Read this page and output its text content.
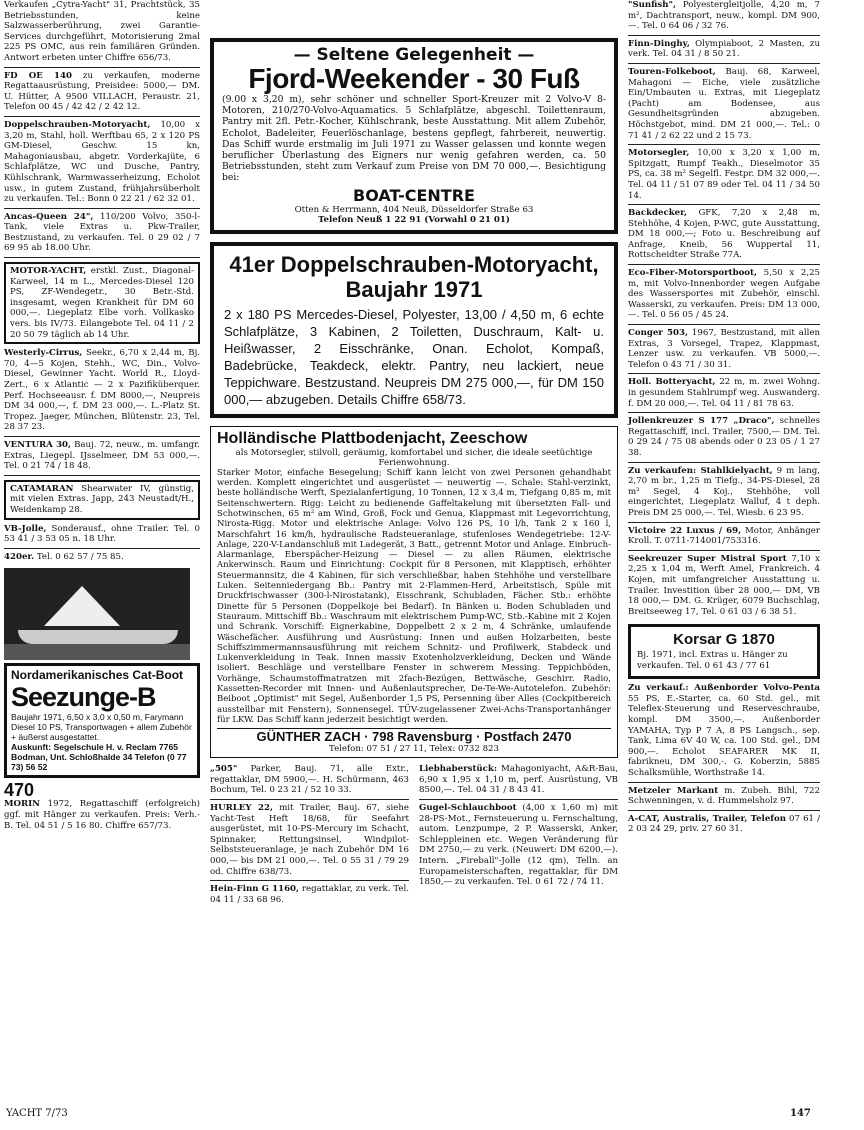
Verkaufen „Cytra-Yacht" 31, Prachtstück, 35 Betriebsstunden, keine Salzwasserberührung, zwei Garantie-Services durchgeführt, Motorisierung 2mal 225 PS OMC, aus rein familiären Gründen. Antwort erbeten unter Chiffre 656/73.
FD OE 140 zu verkaufen, moderne Regattaausrüstung, Preisidee: 5000,— DM. U. Hütter, A 9500 VILLACH, Peraustr. 21, Telefon 00 45 / 42 42 / 2 42 12.
Doppelschrauben-Motoryacht, 10,00 x 3,20 m, Stahl, holl. Werftbau 65, 2 x 120 PS GM-Diesel, Geschw. 15 kn, Mahagoniausbau, abgetr. Vorderkajüte, 6 Schlafplätze, WC und Dusche, Pantry, Kühlschrank, Warmwasserheizung, Echolot usw., in gutem Zustand, frühjahrsüberholt zu verkaufen. Tel.: Bonn 0 22 21 / 62 32 01.
Ancas-Queen 24", 110/200 Volvo, 350-l-Tank, viele Extras u. Pkw-Trailer, Bestzustand, zu verkaufen. Tel. 0 29 02 / 7 69 95 ab 18.00 Uhr.
MOTOR-YACHT, erstkl. Zust., Diagonal-Karweel, 14 m L., Mercedes-Diesel 120 PS, ZF-Wendegetr., 30 Betr.-Std. insgesamt, wegen Krankheit für DM 60 000,—. Liegeplatz Elbe vorh. Vollkasko vers. bis IV/73. Eilangebote Tel. 04 11 / 2 20 50 79 täglich ab 14 Uhr.
Westerly-Cirrus, Seekr., 6,70 x 2,44 m, Bj. 70, 4—5 Kojen, Stehh., WC, Din., Volvo-Diesel, Gewinner Yacht. World R., Lloyd-Zert., 6 x Atlantic — 2 x Pazifiküberquer. Perf. Hochseeausr. f. DM 8000,—, Neupreis DM 34 000,—, f. DM 23 000,—. L.-Platz St. Tropez. Jaeger, München, Blütenstr. 23, Tel. 28 37 23.
VENTURA 30, Bauj. 72, neuw., m. umfangr. Extras, Liegepl. IJsselmeer, DM 53 000,—. Tel. 0 21 74 / 18 48.
CATAMARAN Shearwater IV, günstig, mit vielen Extras. Japp, 243 Neustadt/H., Weidenkamp 28.
VB-Jolle, Sonderausf., ohne Trailer. Tel. 0 53 41 / 3 53 05 n. 18 Uhr.
420er. Tel. 0 62 57 / 75 85.
Nordamerikanisches Cat-Boot
Seezunge-B
Baujahr 1971, 6,50 x 3,0 x 0,50 m, Farymann Diesel 10 PS, Transportwagen + allem Zubehör + äußerst ausgestattet.
Auskunft: Segelschule H. v. Reclam 7765 Bodman, Unt. Schloßhalde 34 Telefon (0 77 73) 56 52
470
MORIN 1972, Regattaschiff (erfolgreich) ggf. mit Hänger zu verkaufen. Preis: Verh.-B. Tel. 04 51 / 5 16 80. Chiffre 657/73.
— Seltene Gelegenheit —
Fjord-Weekender - 30 Fuß
(9.00 x 3,20 m), sehr schöner und schneller Sport-Kreuzer mit 2 Volvo-V 8-Motoren, 210/270-Volvo-Aquamatics. 5 Schlafplätze, abgeschl. Toilettenraum, Pantry mit 2fl. Petr.-Kocher, Kühlschrank, beste Ausstattung. Mit allem Zubehör, Echolot, Badeleiter, Feuerlöschanlage, bestens gepflegt, fahrbereit, neuwertig. Das Schiff wurde erstmalig im Juli 1971 zu Wasser gelassen und konnte wegen beruflicher Überlastung des Eigners nur wenig gefahren werden, ca. 50 Betriebsstunden, steht zum Verkauf zum Preise von DM 70 000,—. Besichtigung bei:
BOAT-CENTRE
Otten & Herrmann, 404 Neuß, Düsseldorfer Straße 63
Telefon Neuß 1 22 91 (Vorwahl 0 21 01)
41er Doppelschrauben-Motoryacht, Baujahr 1971
2 x 180 PS Mercedes-Diesel, Polyester, 13,00 / 4,50 m, 6 echte Schlafplätze, 3 Kabinen, 2 Toiletten, Duschraum, Kalt- u. Heißwasser, 2 Eisschränke, Onan. Echolot, Kompaß, Badebrücke, Teakdeck, elektr. Pantry, neu lackiert, neue Teppichware. Bestzustand. Neupreis DM 275 000,—, für DM 150 000,— abzugeben. Details Chiffre 658/73.
Holländische Plattbodenjacht, Zeeschow
als Motorsegler, stilvoll, geräumig, komfortabel und sicher, die ideale seetüchtige Ferienwohnung.
Starker Motor, einfache Besegelung; Schiff kann leicht von zwei Personen gehandhabt werden. Komplett eingerichtet und ausgerüstet — neuwertig —. Schale: Stahl-verzinkt, beste holländische Werft, Spezialanfertigung, 10 Tonnen, 12 x 3,4 m, Tiefgang 0,85 m, mit Seitenschwertern. Rigg: Leicht zu bedienende Gaffeltakelung mit übersetzten Fall- und Schotwinschen, 65 m² am Wind, Groß, Fock und Genua, Klappmast mit Legevorrichtung, Nirosta-Rigg. Motor und elektrische Anlage: Volvo 126 PS, 10 l/h, Tank 2 x 160 l, Marschfahrt 16 km/h, hydraulische Radsteueranlage, stufenloses Wendegetriebe: 12-V-Anlage, 220-V-Landanschluß mit Ladegerät, 3 Batt., getrennt Motor und Anlage. Einbruch-Alarmanlage, Eberspächer-Heizung — Diesel — zu allen Räumen, elektrische Ankerwinsch. Raum und Einrichtung: Cockpit für 8 Personen, mit Klapptisch, erhöhter Steuermannsitz, die 4 Kabinen, für sich verschließbar, haben Stehhöhe und verstellbare Luken. Seitenniedergang Bb.: Pantry mit 2-Flammen-Herd, Arbeitstisch, Spüle mit Druckfrischwasser (300-l-Nirostatank), Eisschrank, Schubladen, Fächer. Stb.: erhöhte Dinette für 5 Personen (Doppelkoje bei Bedarf). In Bänken u. Boden Schubladen und Stauraum. Mittschiff Bb.: Waschraum mit elektrischem Pump-WC, Stb.-Kabine mit 2 Kojen und Schrank. Vorschiff: Eignerkabine, Doppelbett 2 x 2 m, 4 Schränke, umlaufende Wäschefächer. Ausführung und Ausrüstung: Innen und außen Holzarbeiten, beste Schiffszimmermannsausführung mit reichem Schnitz- und Profilwerk, Stabdeck und Lukenverkleidung in Teak. Innen massiv Exotenholzverkleidung, Decken und Wände isoliert. Beschläge und verstellbare Fenster in schwerem Messing. Teppichböden, Vorhänge, Schaumstoffmatratzen mit 2fach-Bezügen, Bettwäsche, Geschirr. Radio, Kassetten-Recorder mit Innen- und Außenlautsprecher, De-Te-We-Autotelefon. Zubehör: Beiboot „Optimist" mit Segel, Außenborder 1,5 PS, Persenning über Alles (Cockpitbereich ausstellbar mit Fenstern), Sonnensegel. TÜV-zugelassener Zwei-Achs-Transportanhänger für LKW. Das Schiff kann jederzeit besichtigt werden.
GÜNTHER ZACH · 798 Ravensburg · Postfach 2470
Telefon: 07 51 / 27 11, Telex: 0732 823
„505" Parker, Bauj. 71, alle Extr., regattaklar, DM 5900,—. H. Schürmann, 463 Bochum, Tel. 0 23 21 / 52 10 33.
HURLEY 22, mit Trailer, Bauj. 67, siehe Yacht-Test Heft 18/68, für Seefahrt ausgerüstet, mit 10-PS-Mercury im Schacht, Spinnaker, Rettungsinsel, Windpilot-Selbststeueranlage, je nach Zubehör DM 16 000,— bis DM 21 000,—. Tel. 0 55 31 / 79 29 od. Chiffre 638/73.
Hein-Finn G 1160, regattaklar, zu verk. Tel. 04 11 / 33 68 96.
Liebhaberstück: Mahagoniyacht, A&R-Bau, 6,90 x 1,95 x 1,10 m, perf. Ausrüstung, VB 8500,—. Tel. 04 31 / 8 43 41.
Gugel-Schlauchboot (4,00 x 1,60 m) mit 28-PS-Mot., Fernsteuerung u. Fernschaltung, autom. Lenzpumpe, 2 P. Wasserski, Anker, Schleppleinen etc. Wegen Veränderung für DM 2750,— zu verk. (Neuwert: DM 6200,—). Intern. „Fireball"-Jolle (12 qm), Telln. an Europameisterschaften, regattaklar, für DM 1850,— zu verkaufen. Tel. 0 61 72 / 74 11.
"Sunfish", Polyestergleitjolle, 4,20 m, 7 m², Dachtransport, neuw., kompl. DM 900,—. Tel. 0 64 06 / 32 76.
Finn-Dinghy, Olympiaboot, 2 Masten, zu verk. Tel. 04 31 / 8 50 21.
Touren-Folkeboot, Bauj. 68, Karweel, Mahagoni — Eiche, viele zusätzliche Ein/Umbauten u. Extras, mit Liegeplatz (Pacht) am Bodensee, aus Gesundheitsgründen abzugeben. Höchstgebot, mind. DM 21 000,—. Tel.: 0 71 41 / 2 62 22 und 2 15 73.
Motorsegler, 10,00 x 3,20 x 1,00 m, Spitzgatt, Rumpf Teakh., Dieselmotor 35 PS, ca. 38 m² Segelfl. Festpr. DM 32 000,—. Tel. 04 11 / 51 07 89 oder Tel. 04 11 / 34 50 14.
Backdecker, GFK, 7,20 x 2,48 m, Stehhöhe, 4 Kojen, P-WC, gute Ausstattung, DM 18 000,—; Foto u. Beschreibung auf Anfrage, Kneib, 56 Wuppertal 11, Rottscheidter Straße 77A.
Eco-Fiber-Motorsportboot, 5,50 x 2,25 m, mit Volvo-Innenborder wegen Aufgabe des Wassersportes mit Zubehör, einschl. Wasserski, zu verkaufen. Preis: DM 13 000,—. Tel. 0 56 05 / 45 24.
Conger 503, 1967, Bestzustand, mit allen Extras, 3 Vorsegel, Trapez, Klappmast, Lenzer usw. zu verkaufen. VB 5000,—. Telefon 0 43 71 / 30 31.
Holl. Botteryacht, 22 m, m. zwei Wohng. in gesundem Stahlrumpf weg. Auswanderg. f. DM 20 000,—. Tel. 04 11 / 81 78 63.
Jollenkreuzer S 177 „Draco", schnelles Regattaschiff, incl. Trailer, 7500,— DM. Tel. 0 29 24 / 75 08 abends oder 0 23 05 / 1 27 38.
Zu verkaufen: Stahlkielyacht, 9 m lang, 2,70 m br., 1,25 m Tiefg., 34-PS-Diesel, 28 m² Segel, 4 Koj., Stehhöhe, voll eingerichtet, Liegeplatz Walluf, 4 t deph. Preis DM 25 000,—. Tel. Wiesb. 6 23 95.
Victoire 22 Luxus / 69, Motor, Anhänger Kroll. T. 0711-714001/753316.
Seekreuzer Super Mistral Sport 7,10 x 2,25 x 1,04 m, Werft Amel, Frankreich. 4 Kojen, mit umfangreicher Ausstattung u. Trailer. Investition über 28 000,— DM, VB 18 000,— DM. G. Krüger, 6079 Buchschlag, Breitseeweg 17, Tel. 0 61 03 / 6 38 51.
Korsar G 1870
Bj. 1971, incl. Extras u. Hänger zu verkaufen. Tel. 0 61 43 / 77 61
Zu verkauf.: Außenborder Volvo-Penta 55 PS, E.-Starter, ca. 60 Std. gel., mit Teleflex-Steuerung und Reserveschraube, kompl. DM 3500,—. Außenborder YAMAHA, Typ P 7 A, 8 PS Langsch., sep. Tank, Lima 6V 40 W, ca. 100 Std. gel., DM 900,—. Echolot SEAFARER MK II, fabrikneu, DM 300,-. G. Koberzin, 5885 Schalksmühle, Worthstraße 14.
Metzeler Markant m. Zubeh. Bihl, 722 Schwenningen, v. d. Hummelsholz 97.
A-CAT, Australis, Trailer, Telefon 07 61 / 2 03 24 29, priv. 27 60 31.
YACHT 7/73	147
